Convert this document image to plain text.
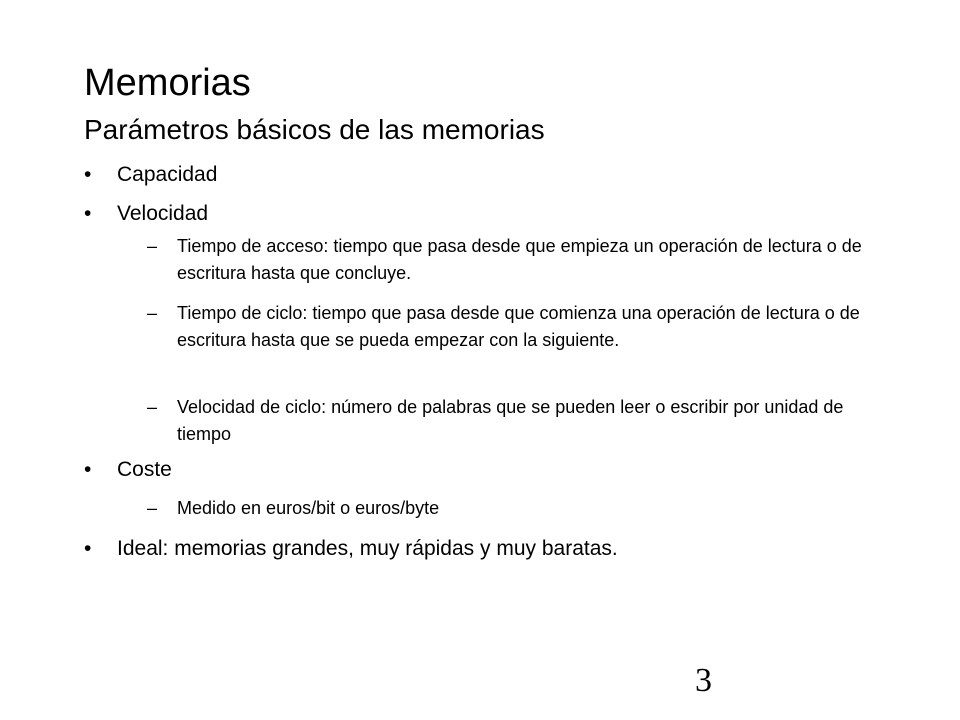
Memorias
Parámetros básicos de las memorias
• Capacidad
• Velocidad
– Tiempo de acceso: tiempo que pasa desde que empieza un operación de lectura o de escritura hasta que concluye.
– Tiempo de ciclo: tiempo que pasa desde que comienza una operación de lectura o de escritura hasta que se pueda empezar con la siguiente.
– Velocidad de ciclo: número de palabras que se pueden leer o escribir por unidad de tiempo
• Coste
– Medido en euros/bit o euros/byte
• Ideal: memorias grandes, muy rápidas y muy baratas.
3
